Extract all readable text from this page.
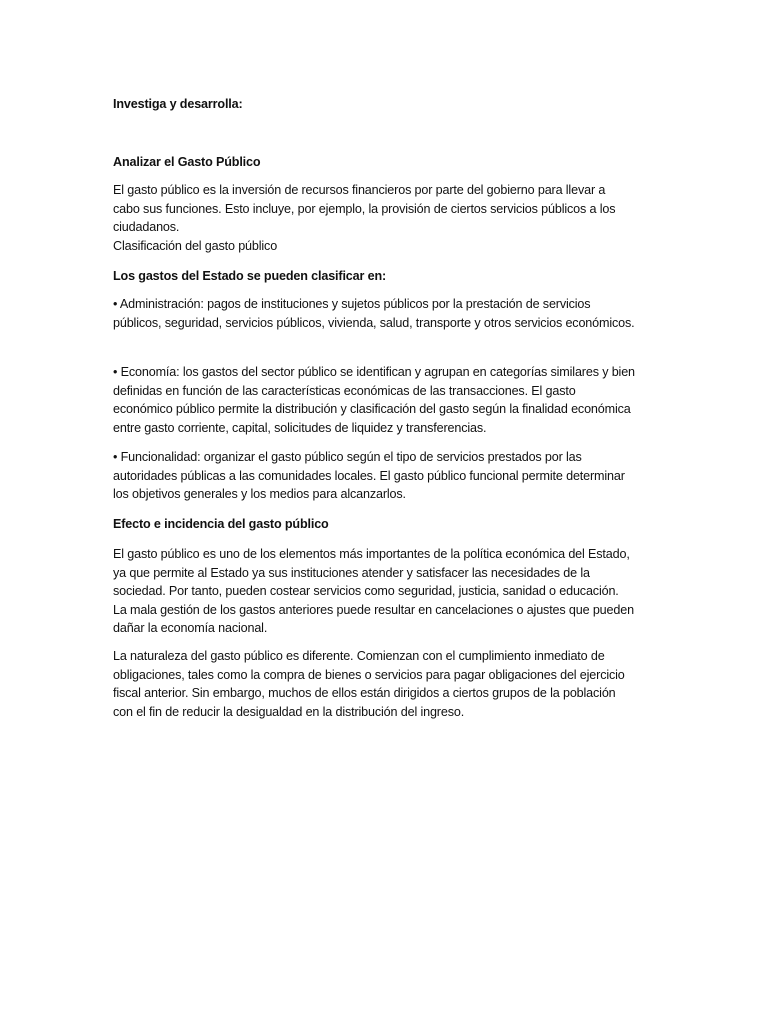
Investiga y desarrolla:

Analizar el Gasto Público

El gasto público es la inversión de recursos financieros por parte del gobierno para llevar a cabo sus funciones. Esto incluye, por ejemplo, la provisión de ciertos servicios públicos a los ciudadanos.

Clasificación del gasto público

Los gastos del Estado se pueden clasificar en:

• Administración: pagos de instituciones y sujetos públicos por la prestación de servicios públicos, seguridad, servicios públicos, vivienda, salud, transporte y otros servicios económicos.

• Economía: los gastos del sector público se identifican y agrupan en categorías similares y bien definidas en función de las características económicas de las transacciones. El gasto económico público permite la distribución y clasificación del gasto según la finalidad económica entre gasto corriente, capital, solicitudes de liquidez y transferencias.

• Funcionalidad: organizar el gasto público según el tipo de servicios prestados por las autoridades públicas a las comunidades locales. El gasto público funcional permite determinar los objetivos generales y los medios para alcanzarlos.

Efecto e incidencia del gasto público

El gasto público es uno de los elementos más importantes de la política económica del Estado, ya que permite al Estado ya sus instituciones atender y satisfacer las necesidades de la sociedad. Por tanto, pueden costear servicios como seguridad, justicia, sanidad o educación. La mala gestión de los gastos anteriores puede resultar en cancelaciones o ajustes que pueden dañar la economía nacional.

La naturaleza del gasto público es diferente. Comienzan con el cumplimiento inmediato de obligaciones, tales como la compra de bienes o servicios para pagar obligaciones del ejercicio fiscal anterior. Sin embargo, muchos de ellos están dirigidos a ciertos grupos de la población con el fin de reducir la desigualdad en la distribución del ingreso.
